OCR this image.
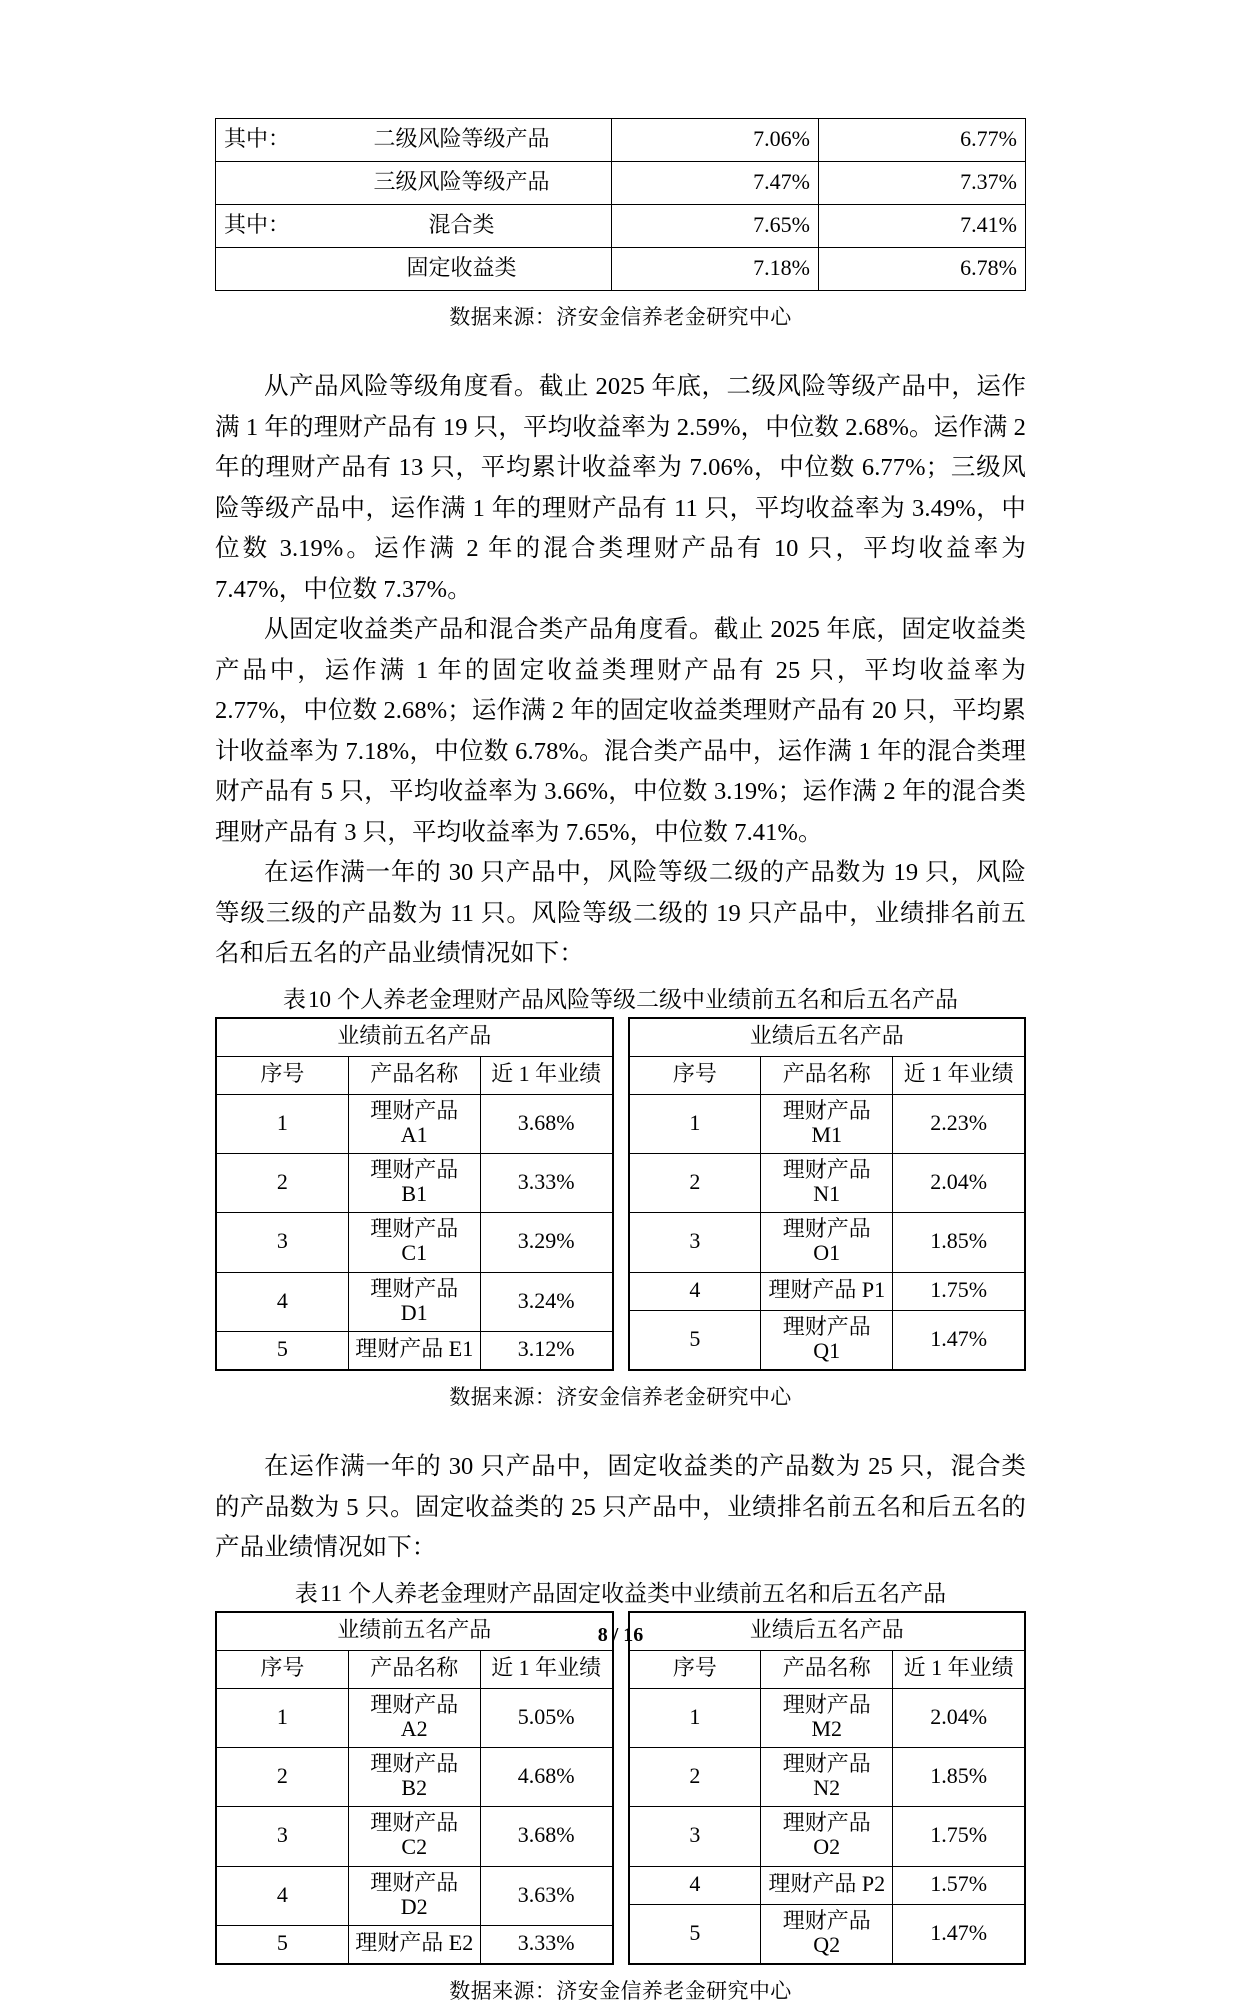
其中： 二级风险等级产品	7.06%	6.77%

三级风险等级产品	7.47%	7.37%

其中： 混合类	7.65%	7.41%

固定收益类	7.18%	6.78%
数据来源：济安金信养老金研究中心

从产品风险等级角度看。截止 2025 年底，二级风险等级产品中，运作满 1 年的理财产品有 19 只，平均收益率为 2.59%，中位数 2.68%。运作满 2 年的理财产品有 13 只，平均累计收益率为 7.06%，中位数 6.77%；三级风险等级产品中，运作满 1 年的理财产品有 11 只，平均收益率为 3.49%，中位数 3.19%。运作满 2 年的混合类理财产品有 10 只，平均收益率为 7.47%，中位数 7.37%。

从固定收益类产品和混合类产品角度看。截止 2025 年底，固定收益类产品中，运作满 1 年的固定收益类理财产品有 25 只，平均收益率为 2.77%，中位数 2.68%；运作满 2 年的固定收益类理财产品有 20 只，平均累计收益率为 7.18%，中位数 6.78%。混合类产品中，运作满 1 年的混合类理财产品有 5 只，平均收益率为 3.66%，中位数 3.19%；运作满 2 年的混合类理财产品有 3 只，平均收益率为 7.65%，中位数 7.41%。

在运作满一年的 30 只产品中，风险等级二级的产品数为 19 只，风险等级三级的产品数为 11 只。风险等级二级的 19 只产品中，业绩排名前五名和后五名的产品业绩情况如下：

表10 个人养老金理财产品风险等级二级中业绩前五名和后五名产品
业绩前五名产品		
序号	产品名称	近 1 年业绩
1	理财产品 A1	3.68%
2	理财产品 B1	3.33%
3	理财产品 C1	3.29%
4	理财产品 D1	3.24%
5	理财产品 E1	3.12%
业绩后五名产品		
序号	产品名称	近 1 年业绩
1	理财产品 M1	2.23%
2	理财产品 N1	2.04%
3	理财产品 O1	1.85%
4	理财产品 P1	1.75%
5	理财产品 Q1	1.47%
数据来源：济安金信养老金研究中心

在运作满一年的 30 只产品中，固定收益类的产品数为 25 只，混合类的产品数为 5 只。固定收益类的 25 只产品中，业绩排名前五名和后五名的产品业绩情况如下：

表11 个人养老金理财产品固定收益类中业绩前五名和后五名产品
业绩前五名产品		
序号	产品名称	近 1 年业绩
1	理财产品 A2	5.05%
2	理财产品 B2	4.68%
3	理财产品 C2	3.68%
4	理财产品 D2	3.63%
5	理财产品 E2	3.33%
业绩后五名产品		
序号	产品名称	近 1 年业绩
1	理财产品 M2	2.04%
2	理财产品 N2	1.85%
3	理财产品 O2	1.75%
4	理财产品 P2	1.57%
5	理财产品 Q2	1.47%
数据来源：济安金信养老金研究中心
8 / 16
